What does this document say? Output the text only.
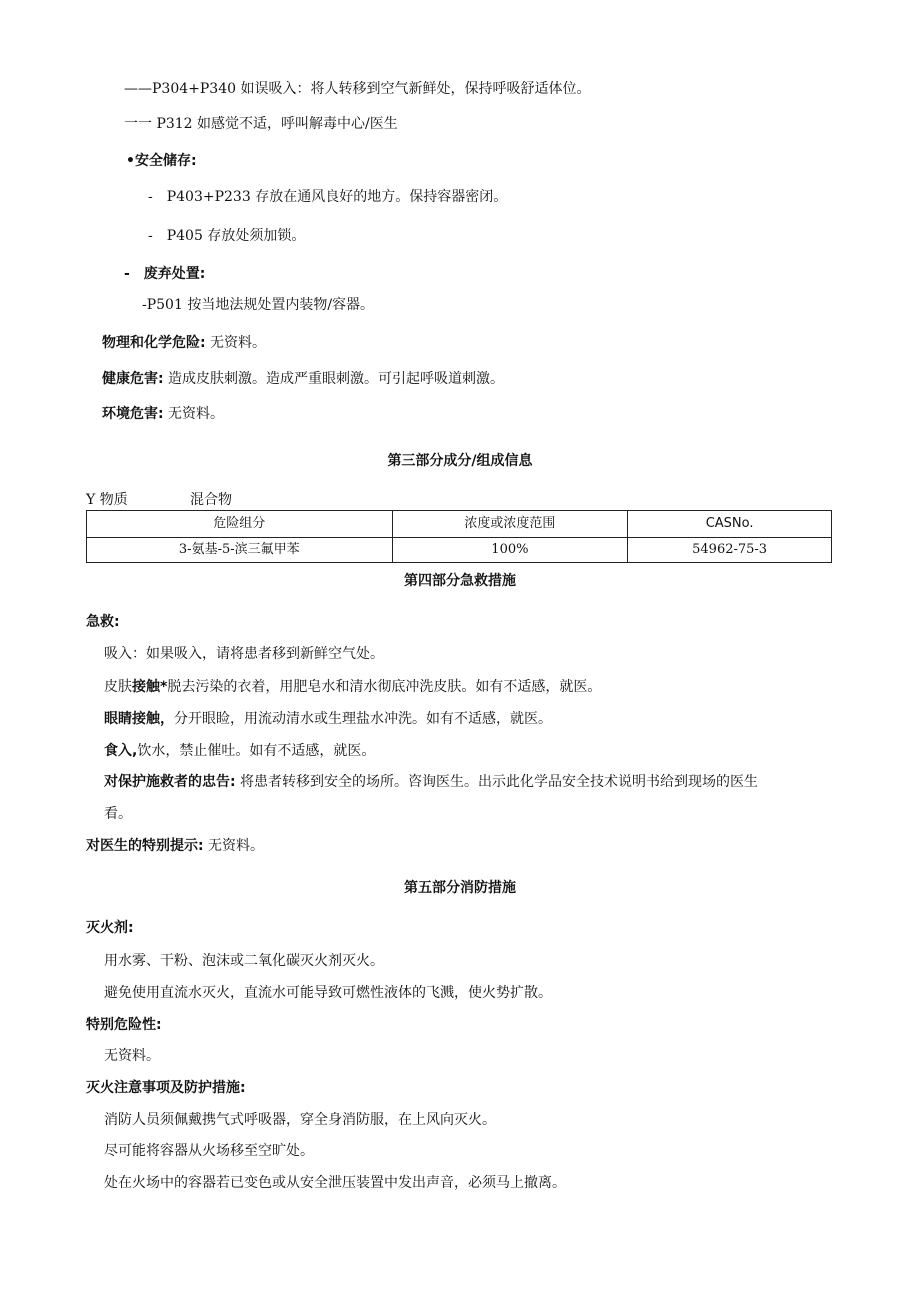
——P304+P340 如误吸入：将人转移到空气新鲜处，保持呼吸舒适体位。
一一 P312 如感觉不适，呼叫解毒中心/医生
•安全储存:
-　P403+P233 存放在通风良好的地方。保持容器密闭。
-　P405 存放处须加锁。
-　废弃处置:
-P501 按当地法规处置内装物/容器。
物理和化学危险: 无资料。
健康危害: 造成皮肤刺激。造成严重眼刺激。可引起呼吸道刺激。
环境危害: 无资料。
第三部分成分/组成信息
Y 物质	混合物
危险组分	浓度或浓度范围	CASNo.
3-氨基-5-滨三氟甲苯	100%	54962-75-3
第四部分急救措施
急救:
吸入：如果吸入，请将患者移到新鲜空气处。
皮肤接触*脱去污染的衣着，用肥皂水和清水彻底冲洗皮肤。如有不适感，就医。
眼睛接触，分开眼睑，用流动清水或生理盐水冲洗。如有不适感，就医。
食入,饮水，禁止催吐。如有不适感，就医。
对保护施救者的忠告: 将患者转移到安全的场所。咨询医生。出示此化学品安全技术说明书给到现场的医生
看。
对医生的特别提示: 无资料。
第五部分消防措施
灭火剂:
用水雾、干粉、泡沫或二氧化碳灭火剂灭火。
避免使用直流水灭火，直流水可能导致可燃性液体的飞溅，使火势扩散。
特别危险性:
无资料。
灭火注意事项及防护措施:
消防人员须佩戴携气式呼吸器，穿全身消防服，在上风向灭火。
尽可能将容器从火场移至空旷处。
处在火场中的容器若已变色或从安全泄压装置中发出声音，必须马上撤离。
